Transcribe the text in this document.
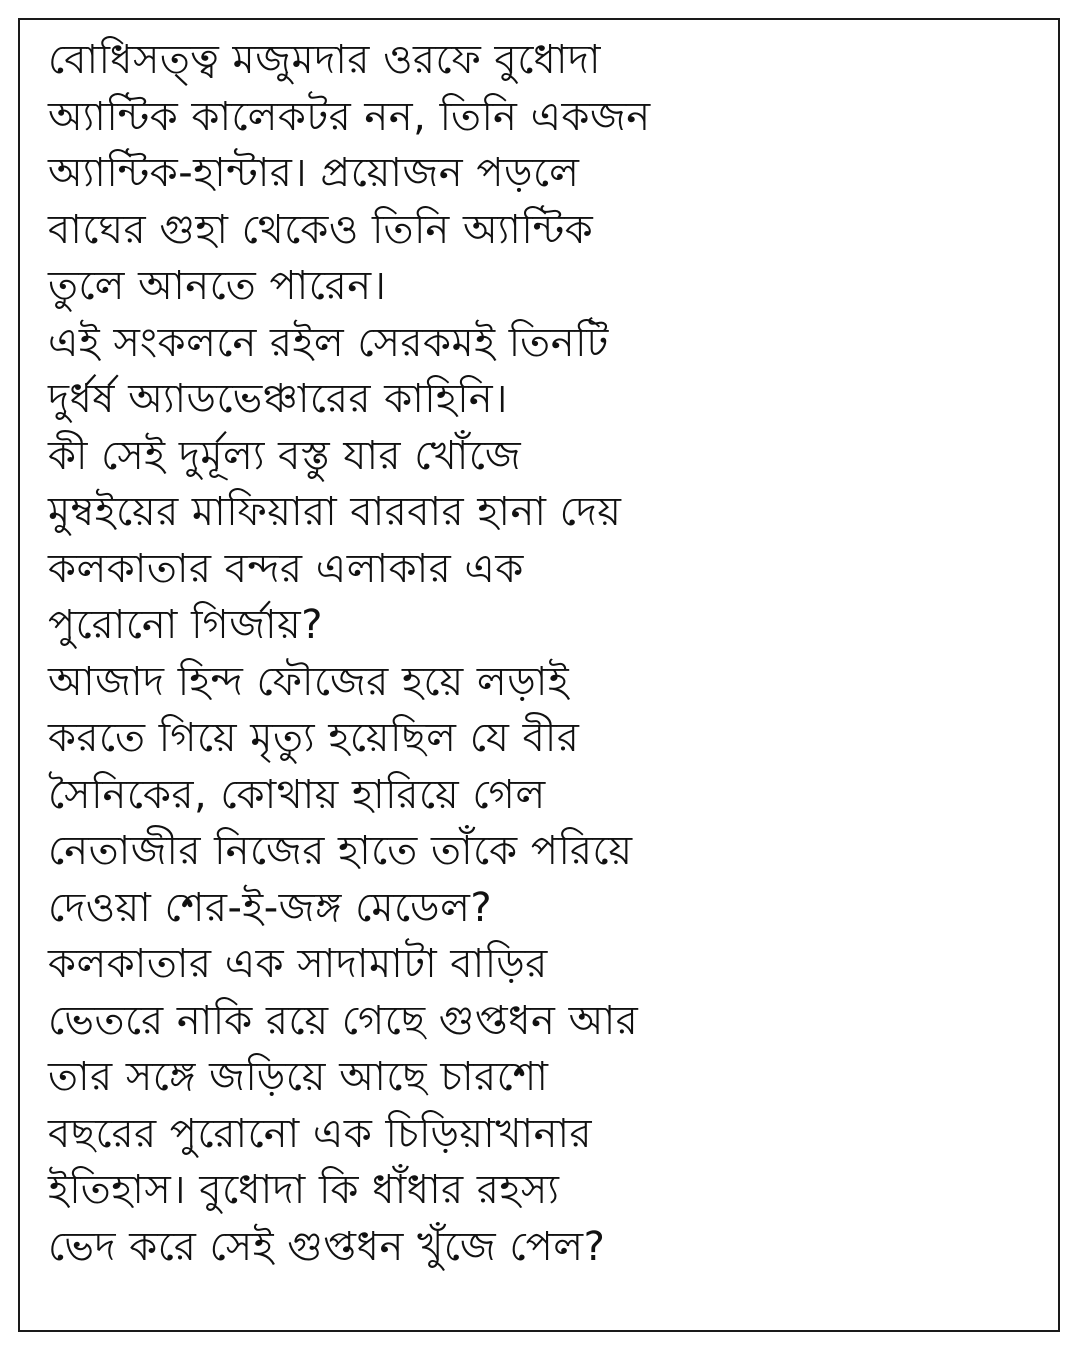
বোধিসত্ত্ব মজুমদার ওরফে বুধোদা
অ্যান্টিক কালেকটর নন, তিনি একজন
অ্যান্টিক-হান্টার। প্রয়োজন পড়লে
বাঘের গুহা থেকেও তিনি অ্যান্টিক
তুলে আনতে পারেন।
এই সংকলনে রইল সেরকমই তিনটি
দুর্ধর্ষ অ্যাডভেঞ্চারের কাহিনি।
কী সেই দুর্মূল্য বস্তু যার খোঁজে
মুম্বইয়ের মাফিয়ারা বারবার হানা দেয়
কলকাতার বন্দর এলাকার এক
পুরোনো গির্জায়?
আজাদ হিন্দ ফৌজের হয়ে লড়াই
করতে গিয়ে মৃত্যু হয়েছিল যে বীর
সৈনিকের, কোথায় হারিয়ে গেল
নেতাজীর নিজের হাতে তাঁকে পরিয়ে
দেওয়া শের-ই-জঙ্গ মেডেল?
কলকাতার এক সাদামাটা বাড়ির
ভেতরে নাকি রয়ে গেছে গুপ্তধন আর
তার সঙ্গে জড়িয়ে আছে চারশো
বছরের পুরোনো এক চিড়িয়াখানার
ইতিহাস। বুধোদা কি ধাঁধার রহস্য
ভেদ করে সেই গুপ্তধন খুঁজে পেল?
